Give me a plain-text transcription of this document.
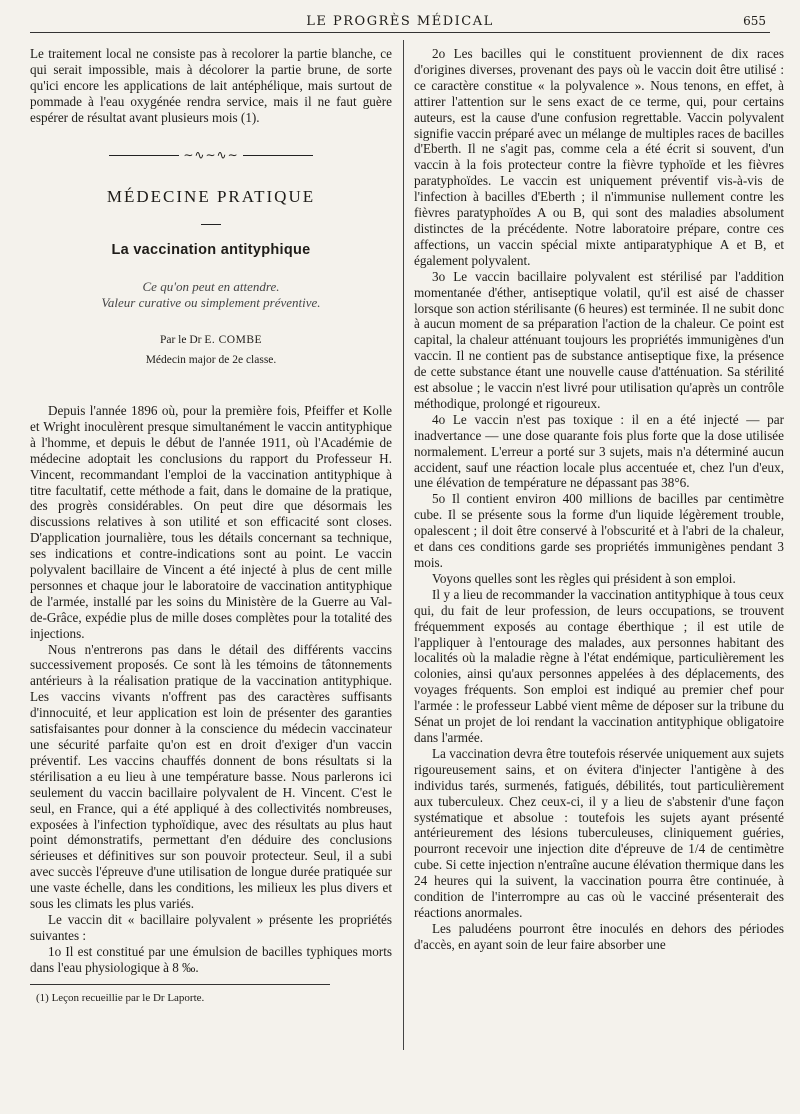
LE PROGRÈS MÉDICAL	655

Le traitement local ne consiste pas à recolorer la partie blanche, ce qui serait impossible, mais à décolorer la partie brune, de sorte qu'ici encore les applications de lait antéphélique, mais surtout de pommade à l'eau oxygénée rendra service, mais il ne faut guère espérer de résultat avant plusieurs mois (1).

∼∿∼∿∼
MÉDECINE PRATIQUE
La vaccination antityphique
Ce qu'on peut en attendre.
Valeur curative ou simplement préventive.
Par le Dr E. COMBE
Médecin major de 2e classe.

Depuis l'année 1896 où, pour la première fois, Pfeiffer et Kolle et Wright inoculèrent presque simultanément le vaccin antityphique à l'homme, et depuis le début de l'année 1911, où l'Académie de médecine adoptait les conclusions du rapport du Professeur H. Vincent, recommandant l'emploi de la vaccination antityphique à titre facultatif, cette méthode a fait, dans le domaine de la pratique, des progrès considérables. On peut dire que désormais les discussions relatives à son utilité et son efficacité sont closes. D'application journalière, tous les détails concernant sa technique, ses indications et contre-indications sont au point. Le vaccin polyvalent bacillaire de Vincent a été injecté à plus de cent mille personnes et chaque jour le laboratoire de vaccination antityphique de l'armée, installé par les soins du Ministère de la Guerre au Val-de-Grâce, expédie plus de mille doses complètes pour la totalité des injections.

Nous n'entrerons pas dans le détail des différents vaccins successivement proposés. Ce sont là les témoins de tâtonnements antérieurs à la réalisation pratique de la vaccination antityphique. Les vaccins vivants n'offrent pas des caractères suffisants d'innocuité, et leur application est loin de présenter des garanties satisfaisantes pour donner à la conscience du médecin vaccinateur une sécurité parfaite qu'on est en droit d'exiger d'un vaccin préventif. Les vaccins chauffés donnent de bons résultats si la stérilisation a eu lieu à une température basse. Nous parlerons ici seulement du vaccin bacillaire polyvalent de H. Vincent. C'est le seul, en France, qui a été appliqué à des collectivités nombreuses, exposées à l'infection typhoïdique, avec des résultats au plus haut point démonstratifs, permettant d'en déduire des conclusions sérieuses et définitives sur son pouvoir protecteur. Seul, il a subi avec succès l'épreuve d'une utilisation de longue durée pratiquée sur une vaste échelle, dans les conditions, les milieux les plus divers et sous les climats les plus variés.

Le vaccin dit « bacillaire polyvalent » présente les propriétés suivantes :

1o Il est constitué par une émulsion de bacilles typhiques morts dans l'eau physiologique à 8 ‰.

(1) Leçon recueillie par le Dr Laporte.

2o Les bacilles qui le constituent proviennent de dix races d'origines diverses, provenant des pays où le vaccin doit être utilisé : ce caractère constitue « la polyvalence ». Nous tenons, en effet, à attirer l'attention sur le sens exact de ce terme, qui, pour certains auteurs, est la cause d'une confusion regrettable. Vaccin polyvalent signifie vaccin préparé avec un mélange de multiples races de bacilles d'Eberth. Il ne s'agit pas, comme cela a été écrit si souvent, d'un vaccin à la fois protecteur contre la fièvre typhoïde et les fièvres paratyphoïdes. Le vaccin est uniquement préventif vis-à-vis de l'infection à bacilles d'Eberth ; il n'immunise nullement contre les fièvres paratyphoïdes A ou B, qui sont des maladies absolument distinctes de la précédente. Notre laboratoire prépare, contre ces affections, un vaccin spécial mixte antiparatyphique A et B, et également polyvalent.

3o Le vaccin bacillaire polyvalent est stérilisé par l'addition momentanée d'éther, antiseptique volatil, qu'il est aisé de chasser lorsque son action stérilisante (6 heures) est terminée. Il ne subit donc à aucun moment de sa préparation l'action de la chaleur. Ce point est capital, la chaleur atténuant toujours les propriétés immunigènes d'un vaccin. Il ne contient pas de substance antiseptique fixe, la présence de cette substance étant une nouvelle cause d'atténuation. Sa stérilité est absolue ; le vaccin n'est livré pour utilisation qu'après un contrôle méthodique, prolongé et rigoureux.

4o Le vaccin n'est pas toxique : il en a été injecté — par inadvertance — une dose quarante fois plus forte que la dose utilisée normalement. L'erreur a porté sur 3 sujets, mais n'a déterminé aucun accident, sauf une réaction locale plus accentuée et, chez l'un d'eux, une élévation de température ne dépassant pas 38°6.

5o Il contient environ 400 millions de bacilles par centimètre cube. Il se présente sous la forme d'un liquide légèrement trouble, opalescent ; il doit être conservé à l'obscurité et à l'abri de la chaleur, et dans ces conditions garde ses propriétés immunigènes pendant 3 mois.

Voyons quelles sont les règles qui président à son emploi.

Il y a lieu de recommander la vaccination antityphique à tous ceux qui, du fait de leur profession, de leurs occupations, se trouvent fréquemment exposés au contage éberthique ; il est utile de l'appliquer à l'entourage des malades, aux personnes habitant des localités où la maladie règne à l'état endémique, particulièrement les colonies, ainsi qu'aux personnes appelées à des déplacements, des voyages fréquents. Son emploi est indiqué au premier chef pour l'armée : le professeur Labbé vient même de déposer sur la tribune du Sénat un projet de loi rendant la vaccination antityphique obligatoire dans l'armée.

La vaccination devra être toutefois réservée uniquement aux sujets rigoureusement sains, et on évitera d'injecter l'antigène à des individus tarés, surmenés, fatigués, débilités, tout particulièrement aux tuberculeux. Chez ceux-ci, il y a lieu de s'abstenir d'une façon systématique et absolue : toutefois les sujets ayant présenté antérieurement des lésions tuberculeuses, cliniquement guéries, pourront recevoir une injection dite d'épreuve de 1/4 de centimètre cube. Si cette injection n'entraîne aucune élévation thermique dans les 24 heures qui la suivent, la vaccination pourra être continuée, à condition de l'interrompre au cas où le vacciné présenterait des réactions anormales.

Les paludéens pourront être inoculés en dehors des périodes d'accès, en ayant soin de leur faire absorber une
